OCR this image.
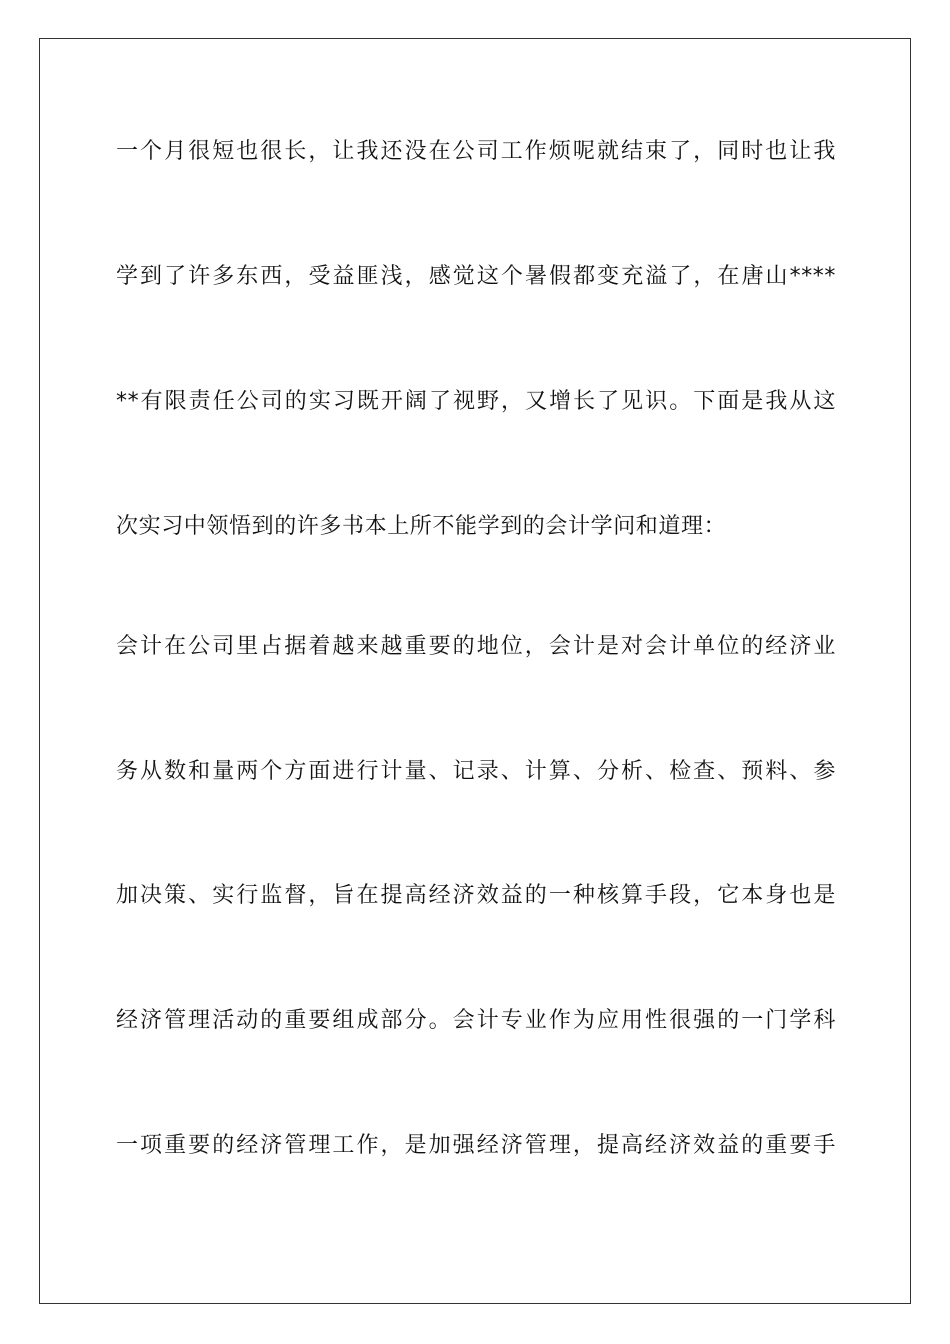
一个月很短也很长，让我还没在公司工作烦呢就结束了，同时也让我
学到了许多东西，受益匪浅，感觉这个暑假都变充溢了，在唐山****
**有限责任公司的实习既开阔了视野，又增长了见识。下面是我从这
次实习中领悟到的许多书本上所不能学到的会计学问和道理：
会计在公司里占据着越来越重要的地位，会计是对会计单位的经济业
务从数和量两个方面进行计量、记录、计算、分析、检查、预料、参
加决策、实行监督，旨在提高经济效益的一种核算手段，它本身也是
经济管理活动的重要组成部分。会计专业作为应用性很强的一门学科
一项重要的经济管理工作，是加强经济管理，提高经济效益的重要手
